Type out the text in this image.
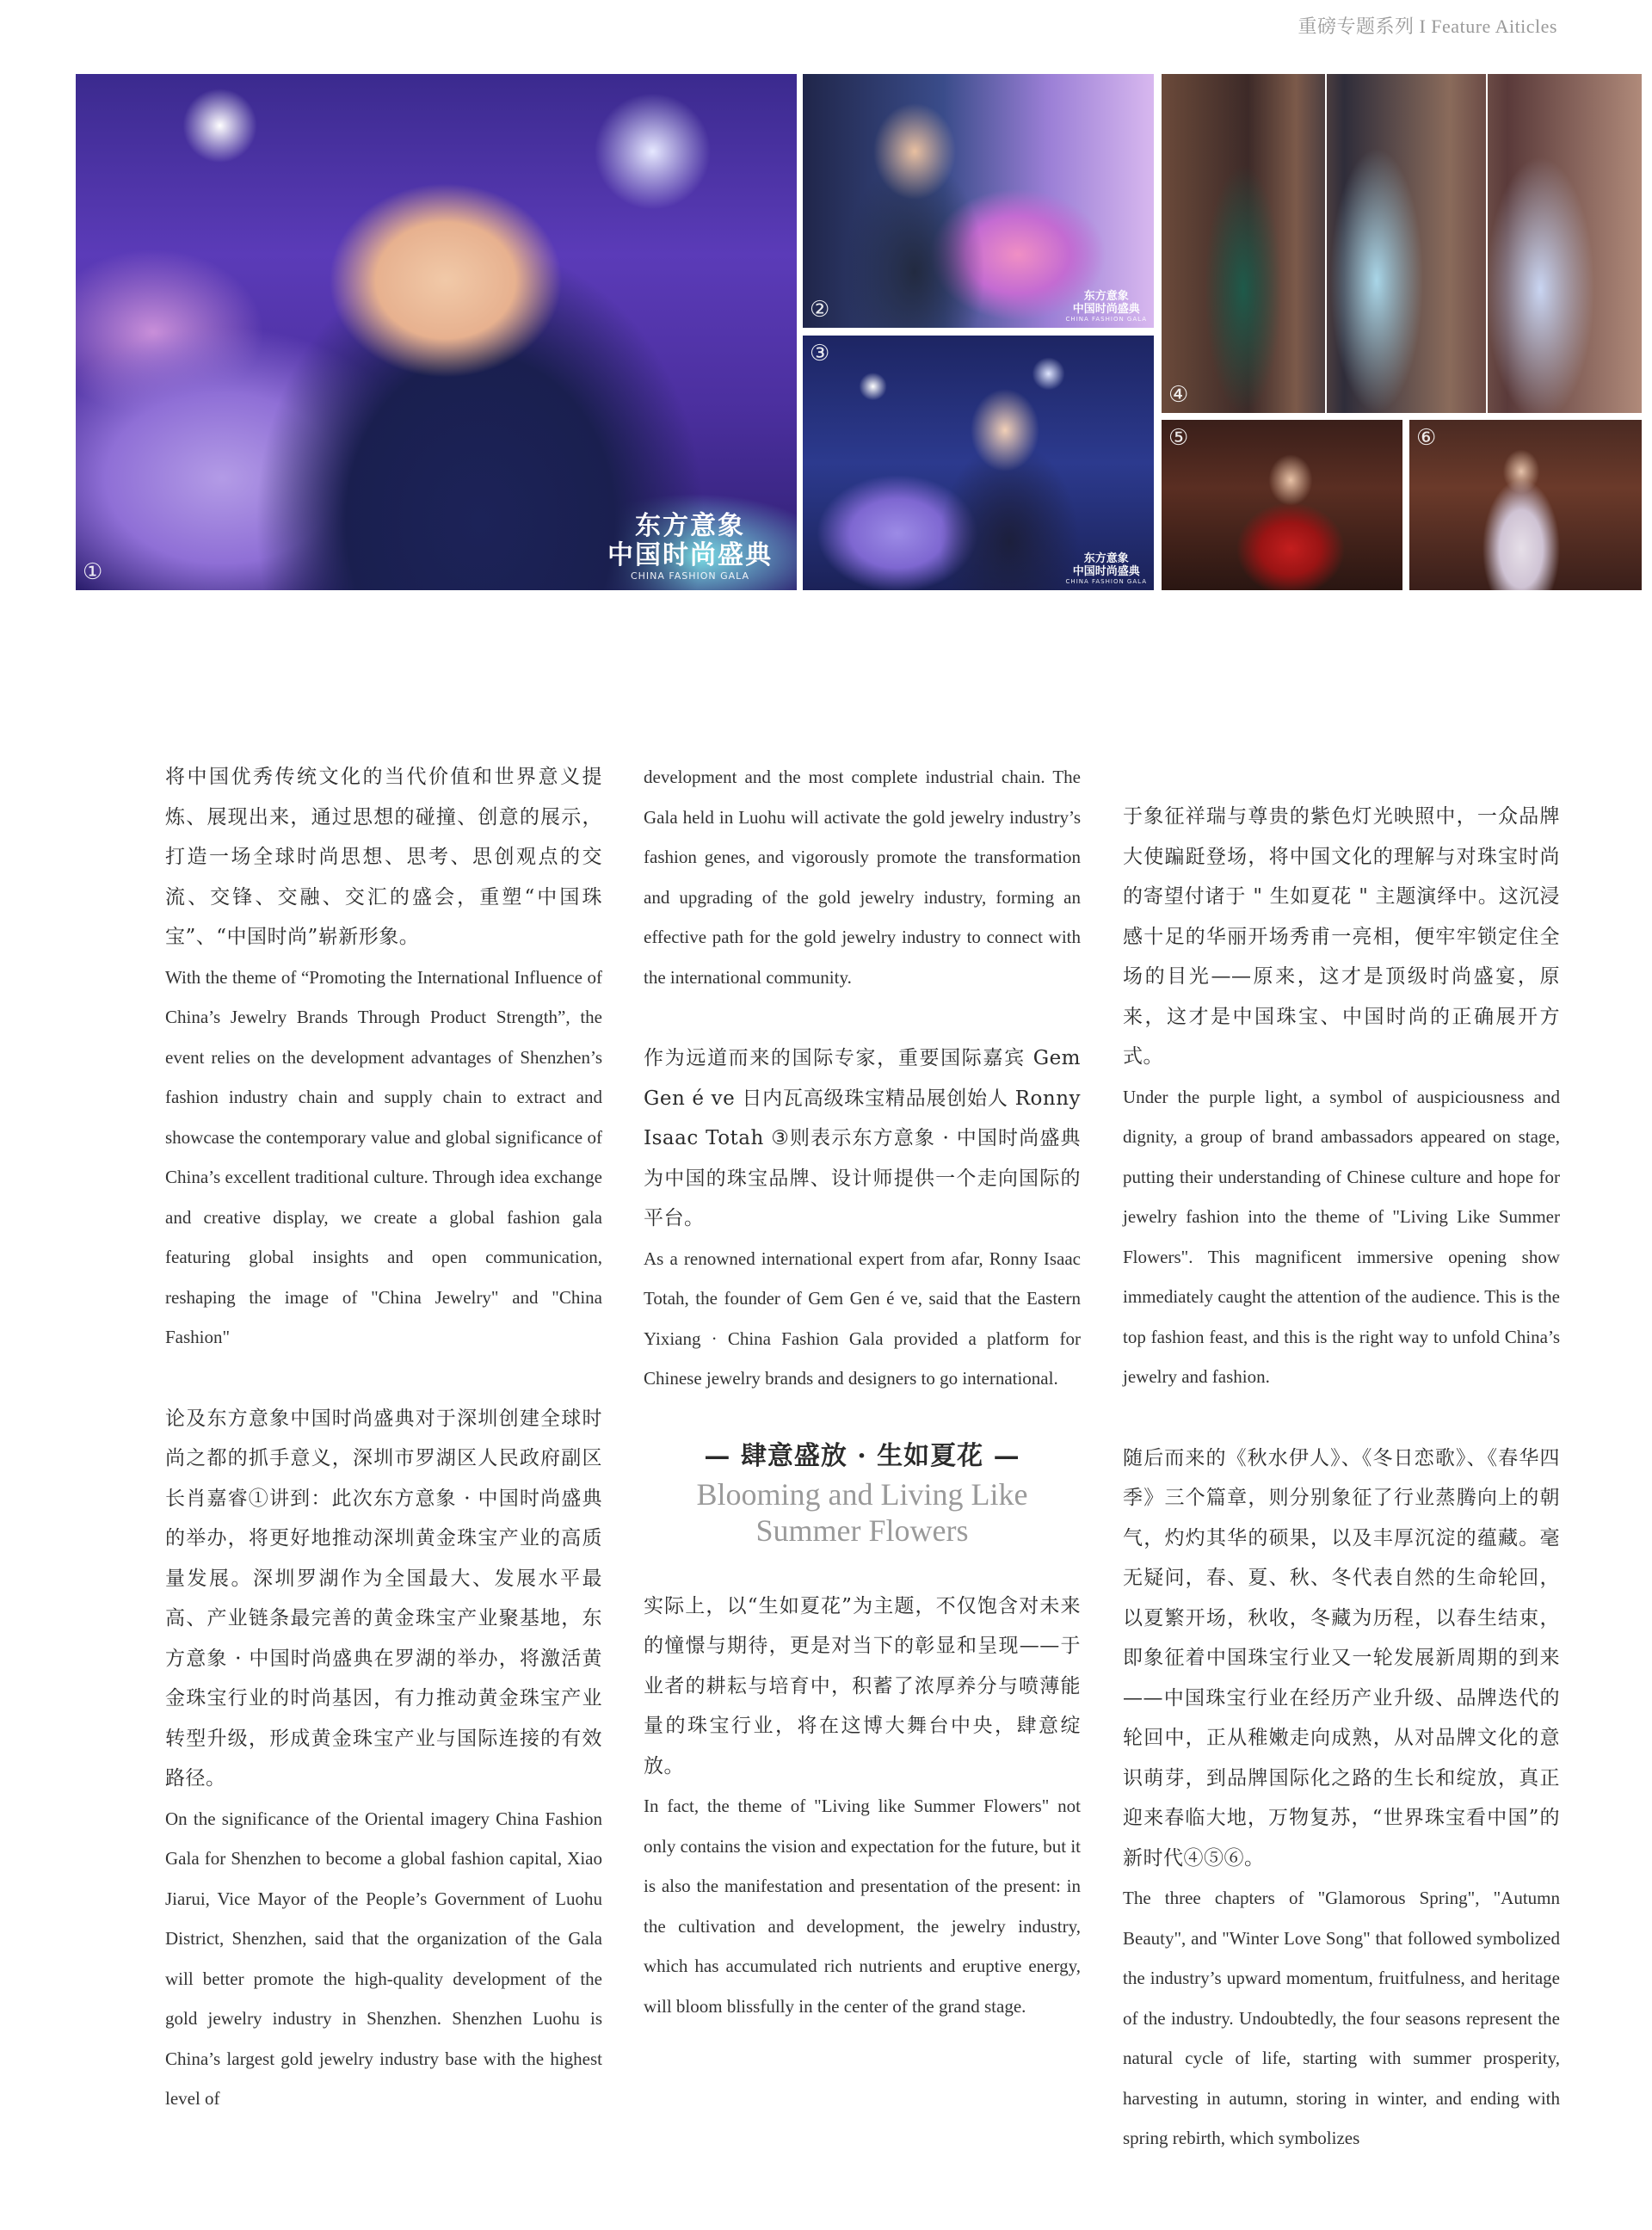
重磅专题系列 I Feature Aiticles
①
东方意象
中国时尚盛典
CHINA FASHION GALA
②
东方意象
中国时尚盛典
CHINA FASHION GALA
③
东方意象
中国时尚盛典
CHINA FASHION GALA
④
⑤	⑥

将中国优秀传统文化的当代价值和世界意义提炼、展现出来，通过思想的碰撞、创意的展示，打造一场全球时尚思想、思考、思创观点的交流、交锋、交融、交汇的盛会，重塑“中国珠宝”、“中国时尚”崭新形象。

With the theme of “Promoting the International Influence of China’s Jewelry Brands Through Product Strength”, the event relies on the development advantages of Shenzhen’s fashion industry chain and supply chain to extract and showcase the contemporary value and global significance of China’s excellent traditional culture. Through idea exchange and creative display, we create a global fashion gala featuring global insights and open communication, reshaping the image of "China Jewelry" and "China Fashion"

论及东方意象中国时尚盛典对于深圳创建全球时尚之都的抓手意义，深圳市罗湖区人民政府副区长肖嘉睿①讲到：此次东方意象 · 中国时尚盛典的举办，将更好地推动深圳黄金珠宝产业的高质量发展。深圳罗湖作为全国最大、发展水平最高、产业链条最完善的黄金珠宝产业聚基地，东方意象 · 中国时尚盛典在罗湖的举办，将激活黄金珠宝行业的时尚基因，有力推动黄金珠宝产业转型升级，形成黄金珠宝产业与国际连接的有效路径。

On the significance of the Oriental imagery China Fashion Gala for Shenzhen to become a global fashion capital, Xiao Jiarui, Vice Mayor of the People’s Government of Luohu District, Shenzhen, said that the organization of the Gala will better promote the high-quality development of the gold jewelry industry in Shenzhen. Shenzhen Luohu is China’s largest gold jewelry industry base with the highest level of

development and the most complete industrial chain. The Gala held in Luohu will activate the gold jewelry industry’s fashion genes, and vigorously promote the transformation and upgrading of the gold jewelry industry, forming an effective path for the gold jewelry industry to connect with the international community.

作为远道而来的国际专家，重要国际嘉宾 Gem Gen é ve 日内瓦高级珠宝精品展创始人 Ronny Isaac Totah ③则表示东方意象 · 中国时尚盛典为中国的珠宝品牌、设计师提供一个走向国际的平台。

As a renowned international expert from afar, Ronny Isaac Totah, the founder of Gem Gen é ve, said that the Eastern Yixiang · China Fashion Gala provided a platform for Chinese jewelry brands and designers to go international.

— 肆意盛放 · 生如夏花 —
Blooming and Living Like
Summer Flowers

实际上，以“生如夏花”为主题，不仅饱含对未来的憧憬与期待，更是对当下的彰显和呈现——于业者的耕耘与培育中，积蓄了浓厚养分与喷薄能量的珠宝行业，将在这博大舞台中央，肆意绽放。

In fact, the theme of "Living like Summer Flowers" not only contains the vision and expectation for the future, but it is also the manifestation and presentation of the present: in the cultivation and development, the jewelry industry, which has accumulated rich nutrients and eruptive energy, will bloom blissfully in the center of the grand stage.

于象征祥瑞与尊贵的紫色灯光映照中，一众品牌大使蹁跹登场，将中国文化的理解与对珠宝时尚的寄望付诸于 " 生如夏花 " 主题演绎中。这沉浸感十足的华丽开场秀甫一亮相，便牢牢锁定住全场的目光——原来，这才是顶级时尚盛宴，原来，这才是中国珠宝、中国时尚的正确展开方式。

Under the purple light, a symbol of auspiciousness and dignity, a group of brand ambassadors appeared on stage, putting their understanding of Chinese culture and hope for jewelry fashion into the theme of "Living Like Summer Flowers". This magnificent immersive opening show immediately caught the attention of the audience. This is the top fashion feast, and this is the right way to unfold China’s jewelry and fashion.

随后而来的《秋水伊人》、《冬日恋歌》、《春华四季》三个篇章，则分别象征了行业蒸腾向上的朝气，灼灼其华的硕果，以及丰厚沉淀的蕴藏。毫无疑问，春、夏、秋、冬代表自然的生命轮回，以夏繁开场，秋收，冬藏为历程，以春生结束，即象征着中国珠宝行业又一轮发展新周期的到来——中国珠宝行业在经历产业升级、品牌迭代的轮回中，正从稚嫩走向成熟，从对品牌文化的意识萌芽，到品牌国际化之路的生长和绽放，真正迎来春临大地，万物复苏，“世界珠宝看中国”的新时代④⑤⑥。

The three chapters of "Glamorous Spring", "Autumn Beauty", and "Winter Love Song" that followed symbolized the industry’s upward momentum, fruitfulness, and heritage of the industry. Undoubtedly, the four seasons represent the natural cycle of life, starting with summer prosperity, harvesting in autumn, storing in winter, and ending with spring rebirth, which symbolizes
